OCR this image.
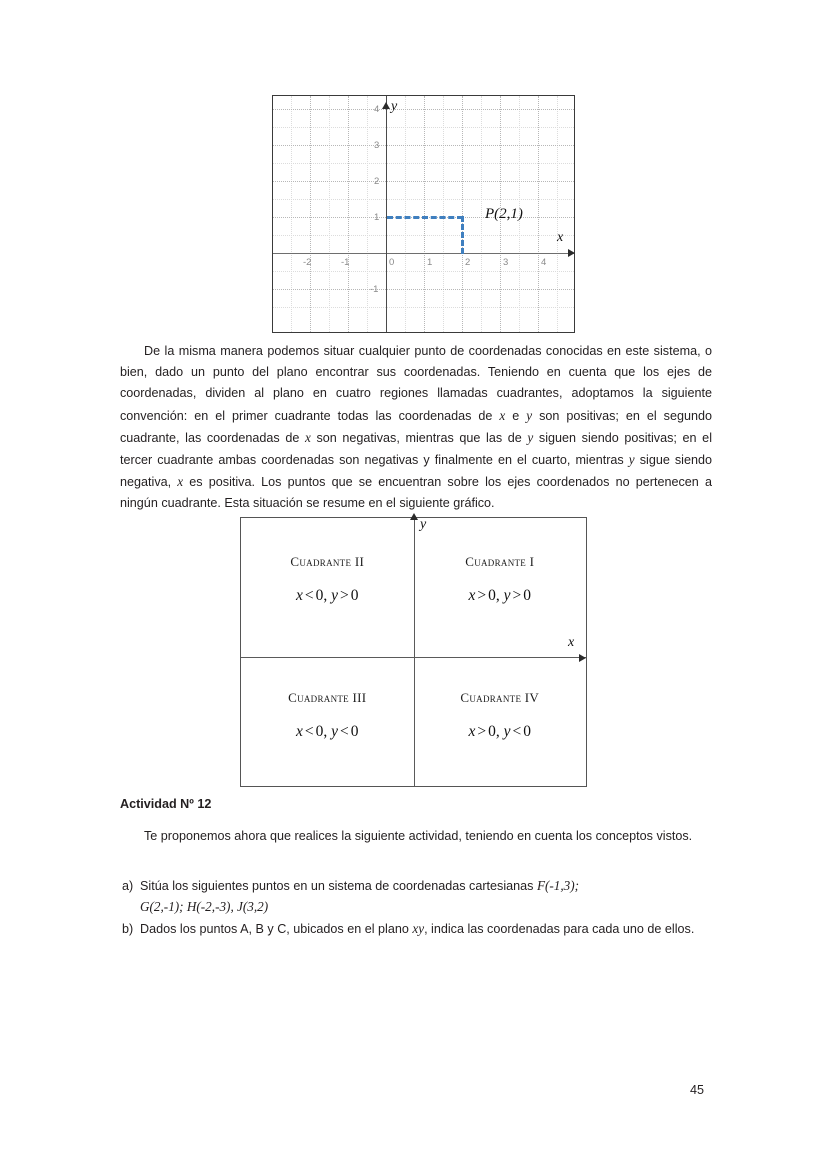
P(2,1)
y
x
-2	-1	0	1	2	3	4
4
3
2
1
-1
De la misma manera podemos situar cualquier punto de coordenadas conocidas en este sistema, o bien, dado un punto del plano encontrar sus coordenadas. Teniendo en cuenta que los ejes de coordenadas, dividen al plano en cuatro regiones llamadas cuadrantes, adoptamos la siguiente convención: en el primer cuadrante todas las coordenadas de x e y son positivas; en el segundo cuadrante, las coordenadas de x son negativas, mientras que las de y siguen siendo positivas; en el tercer cuadrante ambas coordenadas son negativas y finalmente en el cuarto, mientras y sigue siendo negativa, x es positiva. Los puntos que se encuentran sobre los ejes coordenados no pertenecen a ningún cuadrante. Esta situación se resume en el siguiente gráfico.
y
x
Cuadrante II
x < 0, y > 0
Cuadrante I
x > 0, y > 0
Cuadrante III
x < 0, y < 0
Cuadrante IV
x > 0, y < 0
Actividad Nº 12
Te proponemos ahora que realices la siguiente actividad, teniendo en cuenta los conceptos vistos.
a) Sitúa los siguientes puntos en un sistema de coordenadas cartesianas F(-1,3);
G(2,-1); H(-2,-3), J(3,2)
b) Dados los puntos A, B y C, ubicados en el plano xy, indica las coordenadas para cada uno de ellos.
45
